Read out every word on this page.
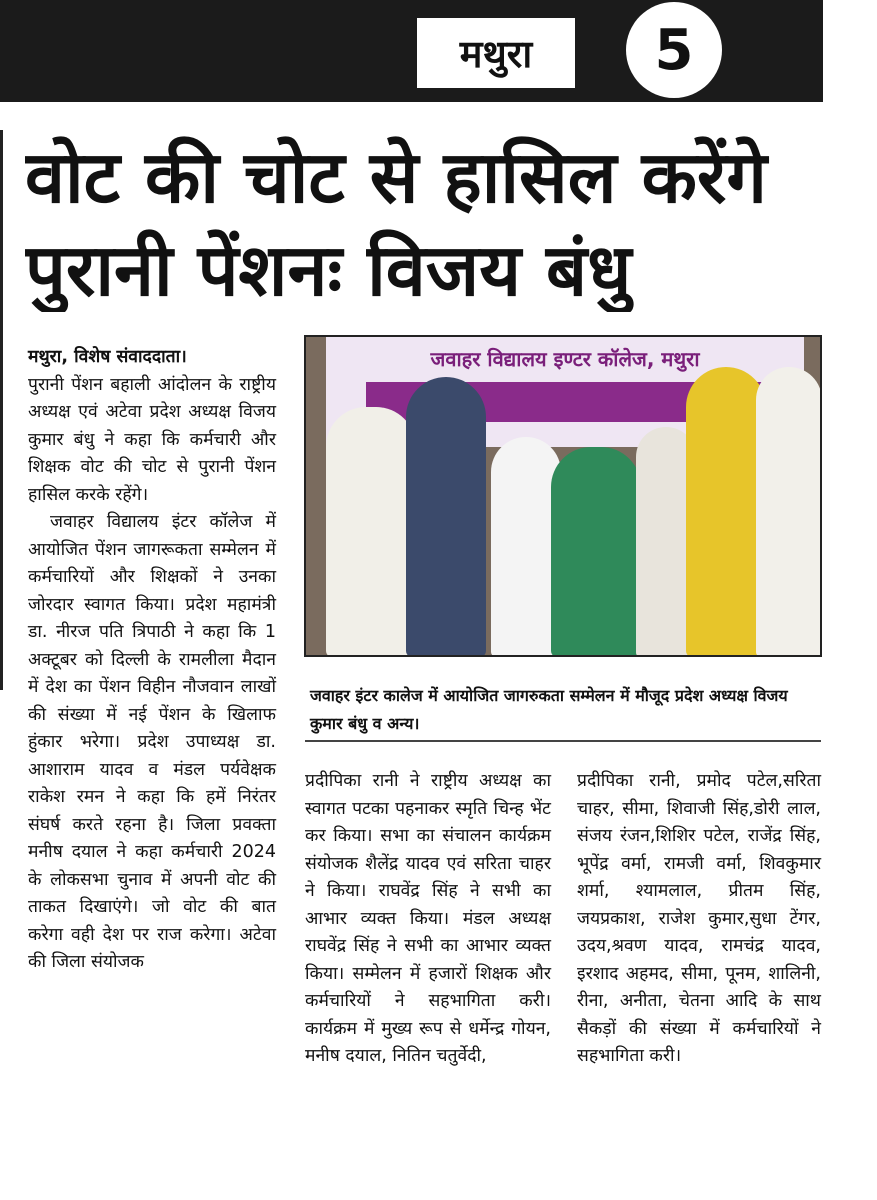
मथुरा	5
वोट की चोट से हासिल करेंगे
पुरानी पेंशनः विजय बंधु

मथुरा, विशेष संवाददाता।

पुरानी पेंशन बहाली आंदोलन के राष्ट्रीय अध्यक्ष एवं अटेवा प्रदेश अध्यक्ष विजय कुमार बंधु ने कहा कि कर्मचारी और शिक्षक वोट की चोट से पुरानी पेंशन हासिल करके रहेंगे।

जवाहर विद्यालय इंटर कॉलेज में आयोजित पेंशन जागरूकता सम्मेलन में कर्मचारियों और शिक्षकों ने उनका जोरदार स्वागत किया। प्रदेश महामंत्री डा. नीरज पति त्रिपाठी ने कहा कि 1 अक्टूबर को दिल्ली के रामलीला मैदान में देश का पेंशन विहीन नौजवान लाखों की संख्या में नई पेंशन के खिलाफ हुंकार भरेगा। प्रदेश उपाध्यक्ष डा. आशाराम यादव व मंडल पर्यवेक्षक राकेश रमन ने कहा कि हमें निरंतर संघर्ष करते रहना है। जिला प्रवक्ता मनीष दयाल ने कहा कर्मचारी 2024 के लोकसभा चुनाव में अपनी वोट की ताकत दिखाएंगे। जो वोट की बात करेगा वही देश पर राज करेगा। अटेवा की जिला संयोजक

जवाहर विद्यालय इण्टर कॉलेज, मथुरा
जवाहर इंटर कालेज में आयोजित जागरुकता सम्मेलन में मौजूद प्रदेश अध्यक्ष विजय कुमार बंधु व अन्य।

प्रदीपिका रानी ने राष्ट्रीय अध्यक्ष का स्वागत पटका पहनाकर स्मृति चिन्ह भेंट कर किया। सभा का संचालन कार्यक्रम संयोजक शैलेंद्र यादव एवं सरिता चाहर ने किया। राघवेंद्र सिंह ने सभी का आभार व्यक्त किया। मंडल अध्यक्ष राघवेंद्र सिंह ने सभी का आभार व्यक्त किया। सम्मेलन में हजारों शिक्षक और कर्मचारियों ने सहभागिता करी। कार्यक्रम में मुख्य रूप से धर्मेन्द्र गोयन, मनीष दयाल, नितिन चतुर्वेदी,

प्रदीपिका रानी, प्रमोद पटेल,सरिता चाहर, सीमा, शिवाजी सिंह,डोरी लाल, संजय रंजन,शिशिर पटेल, राजेंद्र सिंह, भूपेंद्र वर्मा, रामजी वर्मा, शिवकुमार शर्मा, श्यामलाल, प्रीतम सिंह, जयप्रकाश, राजेश कुमार,सुधा टेंगर, उदय,श्रवण यादव, रामचंद्र यादव, इरशाद अहमद, सीमा, पूनम, शालिनी, रीना, अनीता, चेतना आदि के साथ सैकड़ों की संख्या में कर्मचारियों ने सहभागिता करी।
